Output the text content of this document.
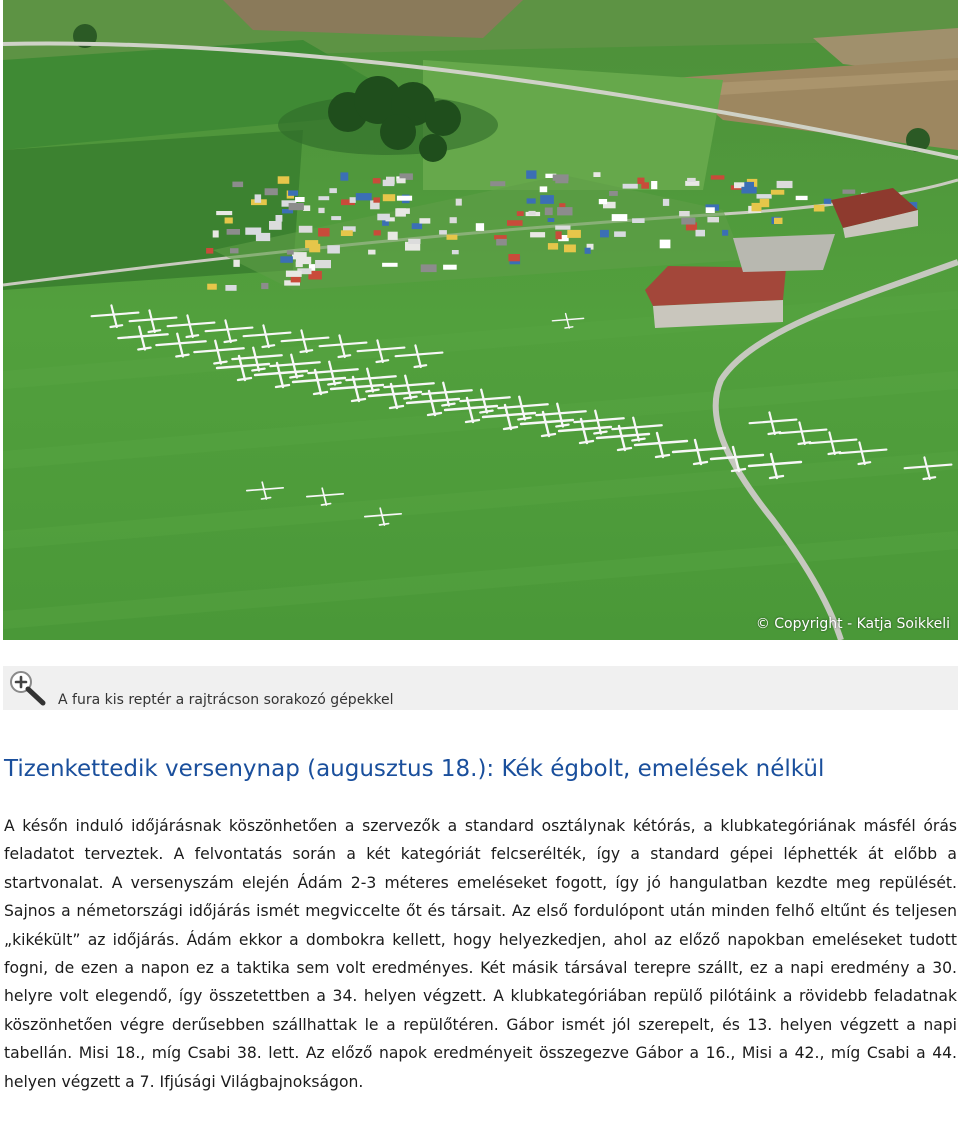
© Copyright - Katja Soikkeli
A fura kis reptér a rajtrácson sorakozó gépekkel
Tizenkettedik versenynap (augusztus 18.): Kék égbolt, emelések nélkül

A későn induló időjárásnak köszönhetően a szervezők a standard osztálynak kétórás, a klubkategóriának másfél órás feladatot terveztek. A felvontatás során a két kategóriát felcserélték, így a standard gépei léphették át előbb a startvonalat. A versenyszám elején Ádám 2-3 méteres emeléseket fogott, így jó hangulatban kezdte meg repülését. Sajnos a németországi időjárás ismét megviccelte őt és társait. Az első fordulópont után minden felhő eltűnt és teljesen „kikékült” az időjárás. Ádám ekkor a dombokra kellett, hogy helyezkedjen, ahol az előző napokban emeléseket tudott fogni, de ezen a napon ez a taktika sem volt eredményes. Két másik társával terepre szállt, ez a napi eredmény a 30. helyre volt elegendő, így összetettben a 34. helyen végzett. A klubkategóriában repülő pilótáink a rövidebb feladatnak köszönhetően végre derűsebben szállhattak le a repülőtéren. Gábor ismét jól szerepelt, és 13. helyen végzett a napi tabellán. Misi 18., míg Csabi 38. lett. Az előző napok eredményeit összegezve Gábor a 16., Misi a 42., míg Csabi a 44. helyen végzett a 7. Ifjúsági Világbajnokságon.
